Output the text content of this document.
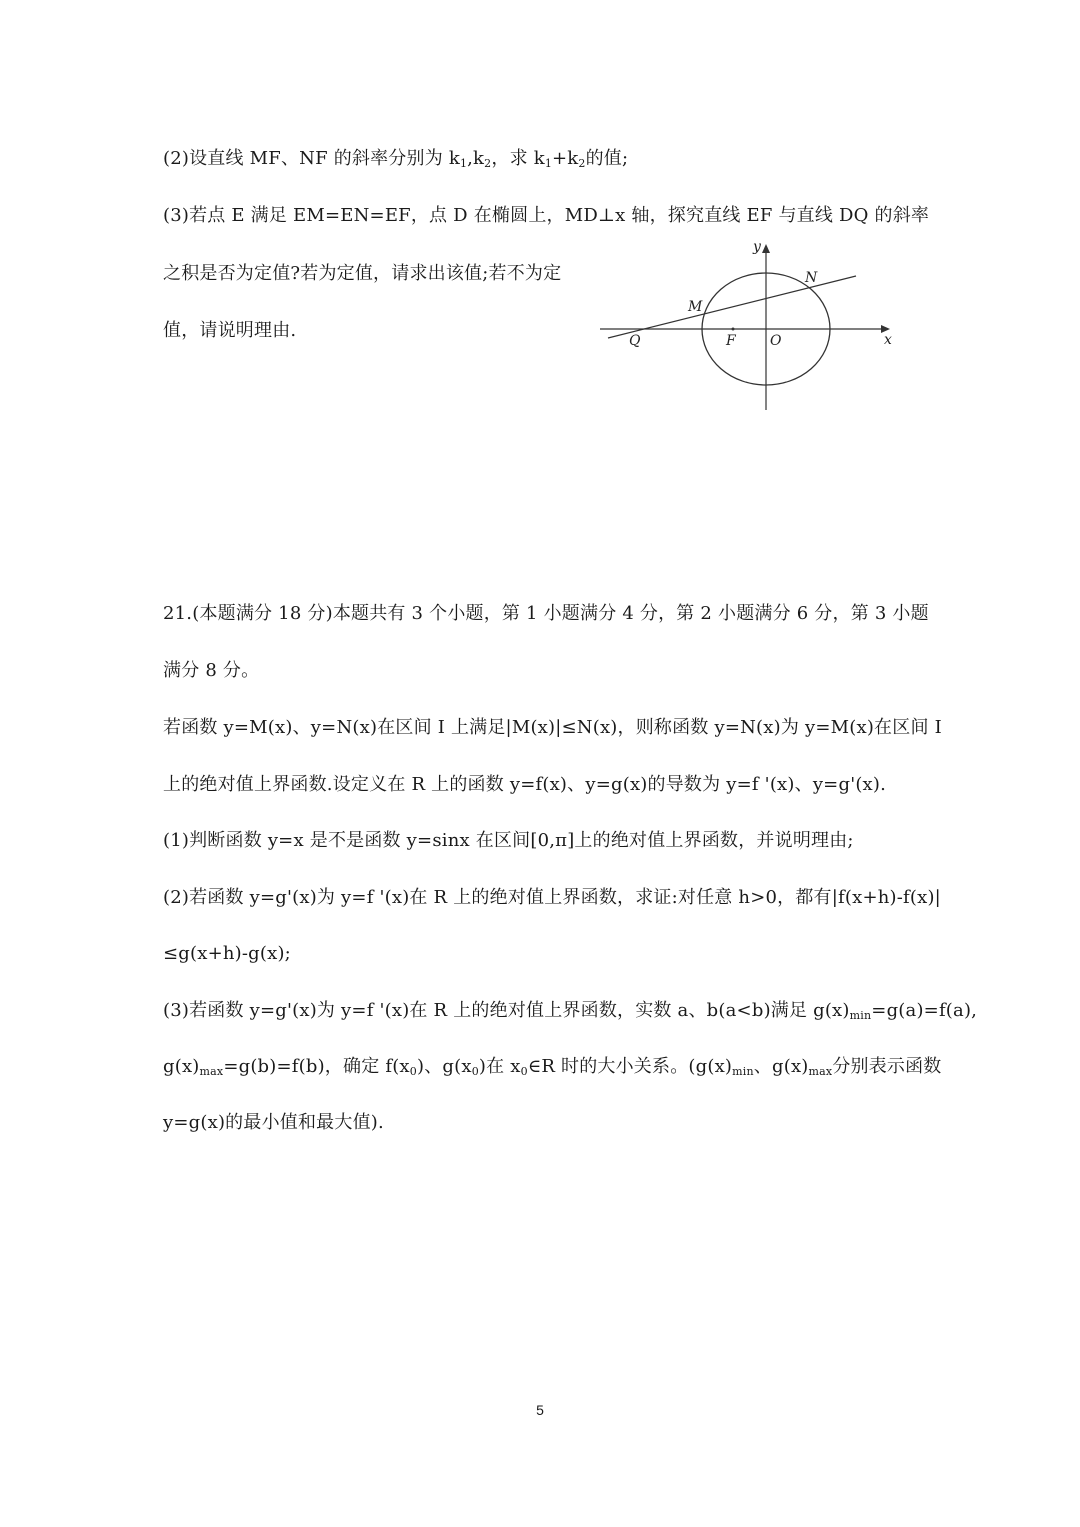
(2)设直线 MF、NF 的斜率分别为 $k_1,k_2$，求 $k_1+k_2$的值;
(3)若点 E 满足 EM=EN=EF，点 D 在椭圆上，MD⊥x 轴，探究直线 EF 与直线 DQ 的斜率
之积是否为定值?若为定值，请求出该值;若不为定
值，请说明理由.
y
x
N
M
Q	F O
21.(本题满分 18 分)本题共有 3 个小题，第 1 小题满分 4 分，第 2 小题满分 6 分，第 3 小题
满分 8 分。
若函数 y=M(x)、y=N(x)在区间 I 上满足|M(x)|≤N(x)，则称函数 y=N(x)为 y=M(x)在区间 I
上的绝对值上界函数.设定义在 R 上的函数 y=f(x)、y=g(x)的导数为 y=f '(x)、y=g'(x).
(1)判断函数 y=x 是不是函数 y=sinx 在区间[0,π]上的绝对值上界函数，并说明理由;
(2)若函数 y=g'(x)为 y=f '(x)在 R 上的绝对值上界函数，求证:对任意 h>0，都有|f(x+h)-f(x)|
≤g(x+h)-g(x);
(3)若函数 y=g'(x)为 y=f '(x)在 R 上的绝对值上界函数，实数 a、b(a<b)满足 $g(x)_{min}=g(a)=f(a)$,
$g(x)_{max}=g(b)=f(b)$，确定 $f(x_0)$、$g(x_0)$在 $x_0\in R$ 时的大小关系。($g(x)_{min}$、$g(x)_{max}$分别表示函数
y=g(x)的最小值和最大值).
5
